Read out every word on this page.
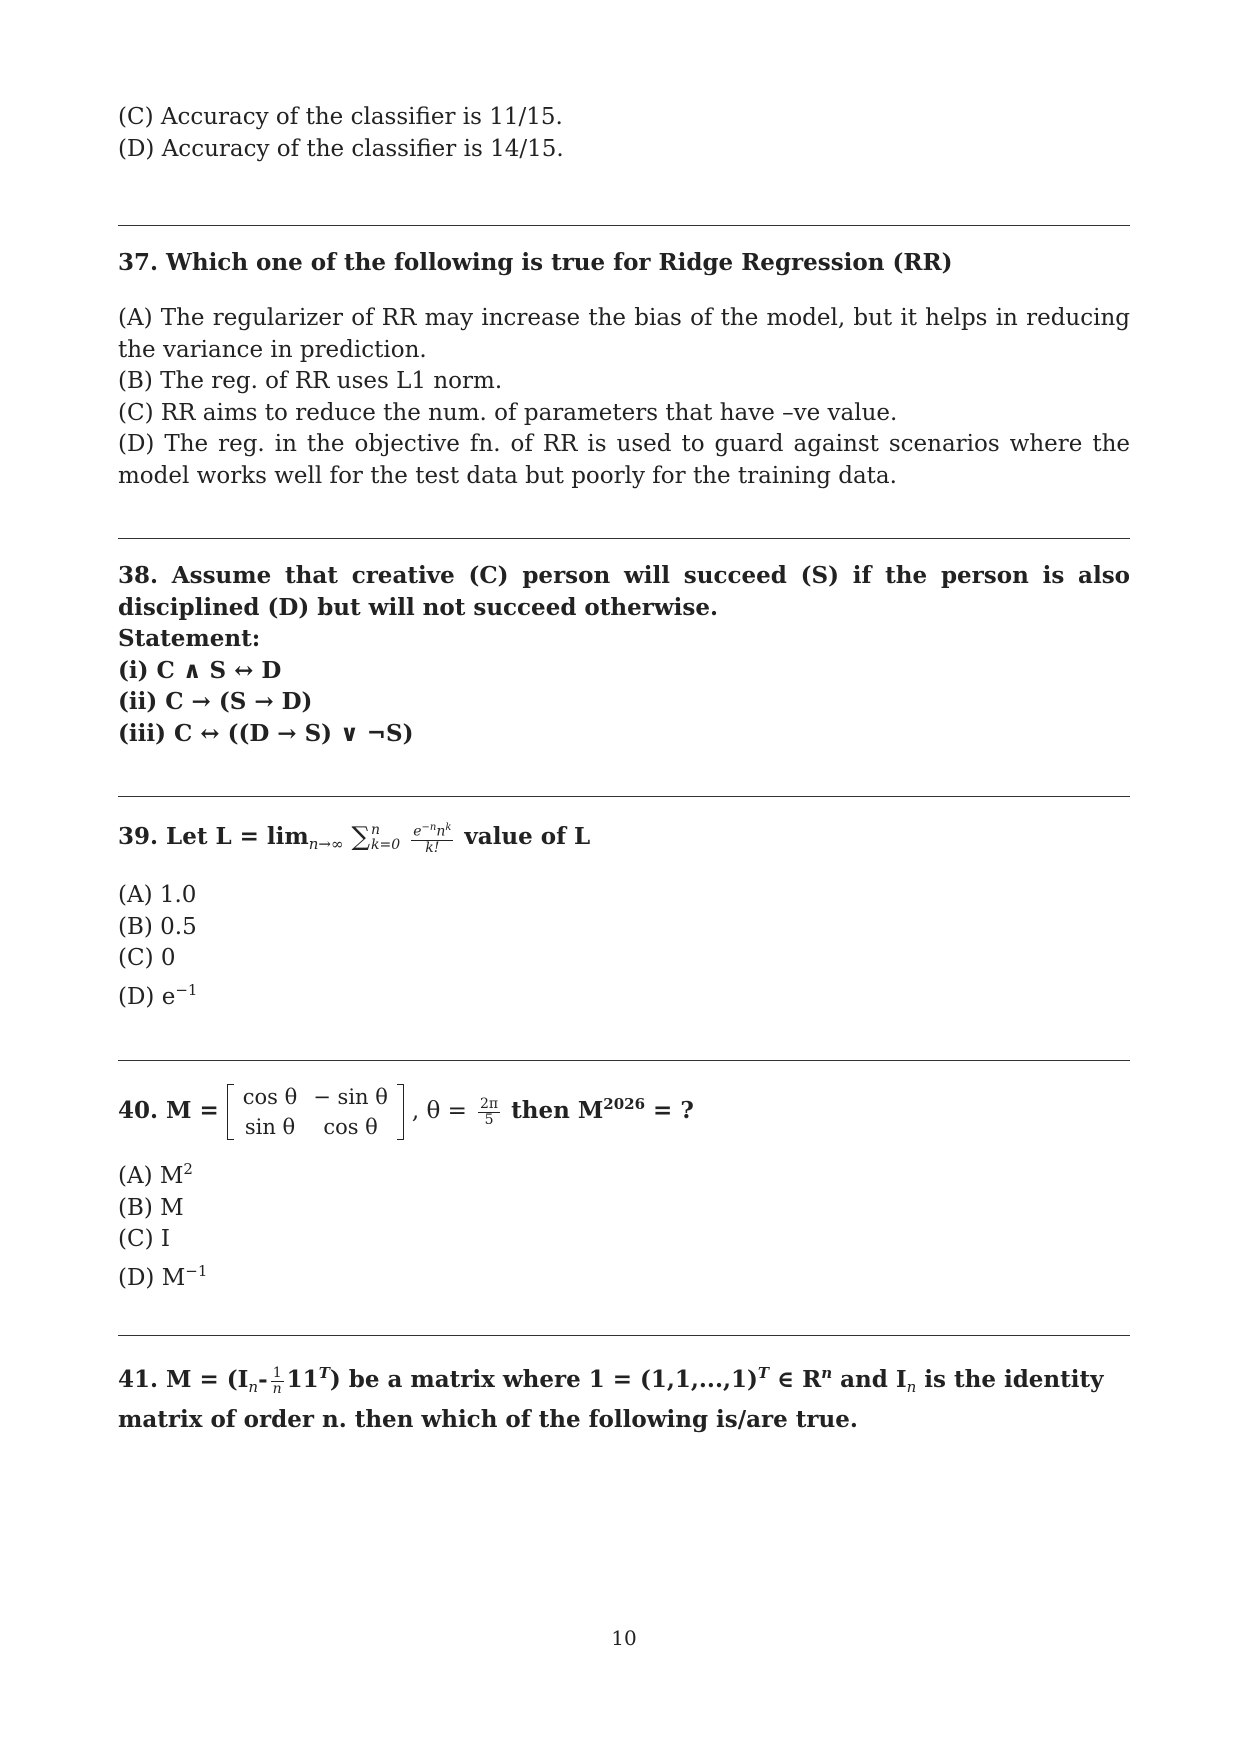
(C) Accuracy of the classifier is 11/15.

(D) Accuracy of the classifier is 14/15.

37. Which one of the following is true for Ridge Regression (RR)

(A) The regularizer of RR may increase the bias of the model, but it helps in reducing the variance in prediction.

(B) The reg. of RR uses L1 norm.

(C) RR aims to reduce the num. of parameters that have –ve value.

(D) The reg. in the objective fn. of RR is used to guard against scenarios where the model works well for the test data but poorly for the training data.

38. Assume that creative (C) person will succeed (S) if the person is also disciplined (D) but will not succeed otherwise.

Statement:

(i) C ∧ S ↔ D

(ii) C → (S → D)

(iii) C ↔ ((D → S) ∨ ¬S)

39. Let $L = \lim_{n\to\infty}$ ∑ n
k=0
$\frac{e^{-n}n^k}{k!}$ value of L

(A) 1.0

(B) 0.5

(C) 0

(D) $e^{-1}$

40. M = cos θ	− sin θ
sin θ	cos θ
, $\theta = \frac{2\pi}{5}$ then $M^{2026}$ = ?

(A) $M^2$

(B) M

(C) I

(D) $M^{-1}$

41. $M = (I_n- \frac{1}{n} 11^T)$ be a matrix where $1 = (1,1,...,1)^T$ ∈ $R^n$ and $I_n$ is the identity

matrix of order n. then which of the following is/are true.

10
